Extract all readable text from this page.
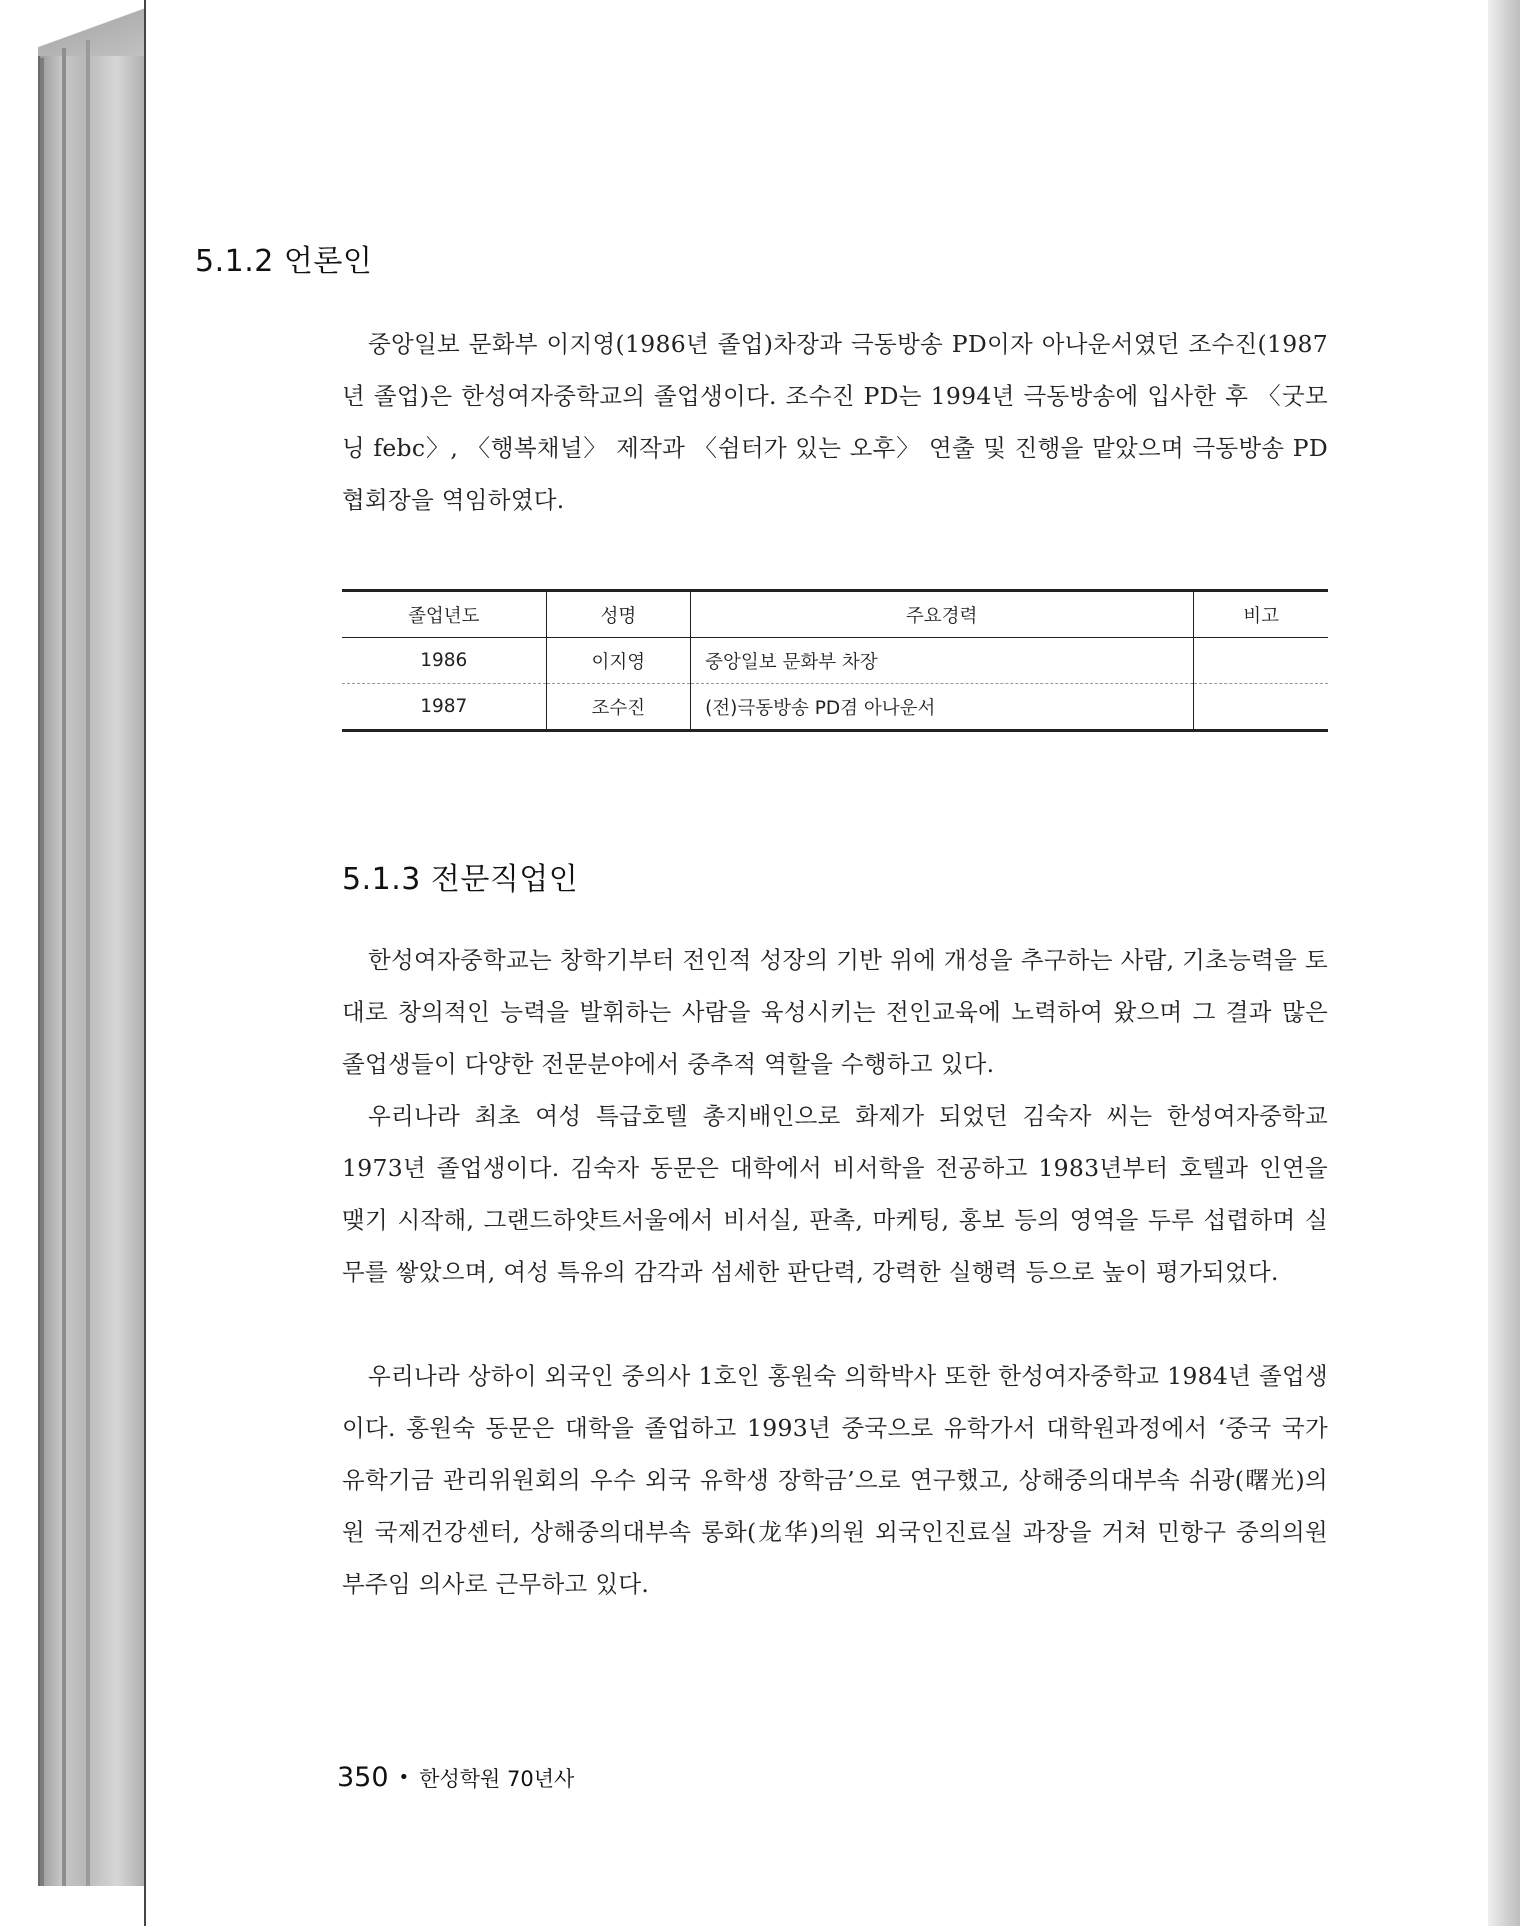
5.1.2 언론인

중앙일보 문화부 이지영(1986년 졸업)차장과 극동방송 PD이자 아나운서였던 조수진(1987년 졸업)은 한성여자중학교의 졸업생이다. 조수진 PD는 1994년 극동방송에 입사한 후 〈굿모닝 febc〉, 〈행복채널〉 제작과 〈쉼터가 있는 오후〉 연출 및 진행을 맡았으며 극동방송 PD협회장을 역임하였다.

졸업년도	성명	주요경력	비고
1986	이지영	중앙일보 문화부 차장	
1987	조수진	(전)극동방송 PD겸 아나운서	
5.1.3 전문직업인

한성여자중학교는 창학기부터 전인적 성장의 기반 위에 개성을 추구하는 사람, 기초능력을 토대로 창의적인 능력을 발휘하는 사람을 육성시키는 전인교육에 노력하여 왔으며 그 결과 많은 졸업생들이 다양한 전문분야에서 중추적 역할을 수행하고 있다.

우리나라 최초 여성 특급호텔 총지배인으로 화제가 되었던 김숙자 씨는 한성여자중학교 1973년 졸업생이다. 김숙자 동문은 대학에서 비서학을 전공하고 1983년부터 호텔과 인연을 맺기 시작해, 그랜드하얏트서울에서 비서실, 판촉, 마케팅, 홍보 등의 영역을 두루 섭렵하며 실무를 쌓았으며, 여성 특유의 감각과 섬세한 판단력, 강력한 실행력 등으로 높이 평가되었다.

우리나라 상하이 외국인 중의사 1호인 홍원숙 의학박사 또한 한성여자중학교 1984년 졸업생이다. 홍원숙 동문은 대학을 졸업하고 1993년 중국으로 유학가서 대학원과정에서 ‘중국 국가 유학기금 관리위원회의 우수 외국 유학생 장학금’으로 연구했고, 상해중의대부속 쉬광(曙光)의원 국제건강센터, 상해중의대부속 롱화(龙华)의원 외국인진료실 과장을 거쳐 민항구 중의의원 부주임 의사로 근무하고 있다.

350 • 한성학원 70년사
